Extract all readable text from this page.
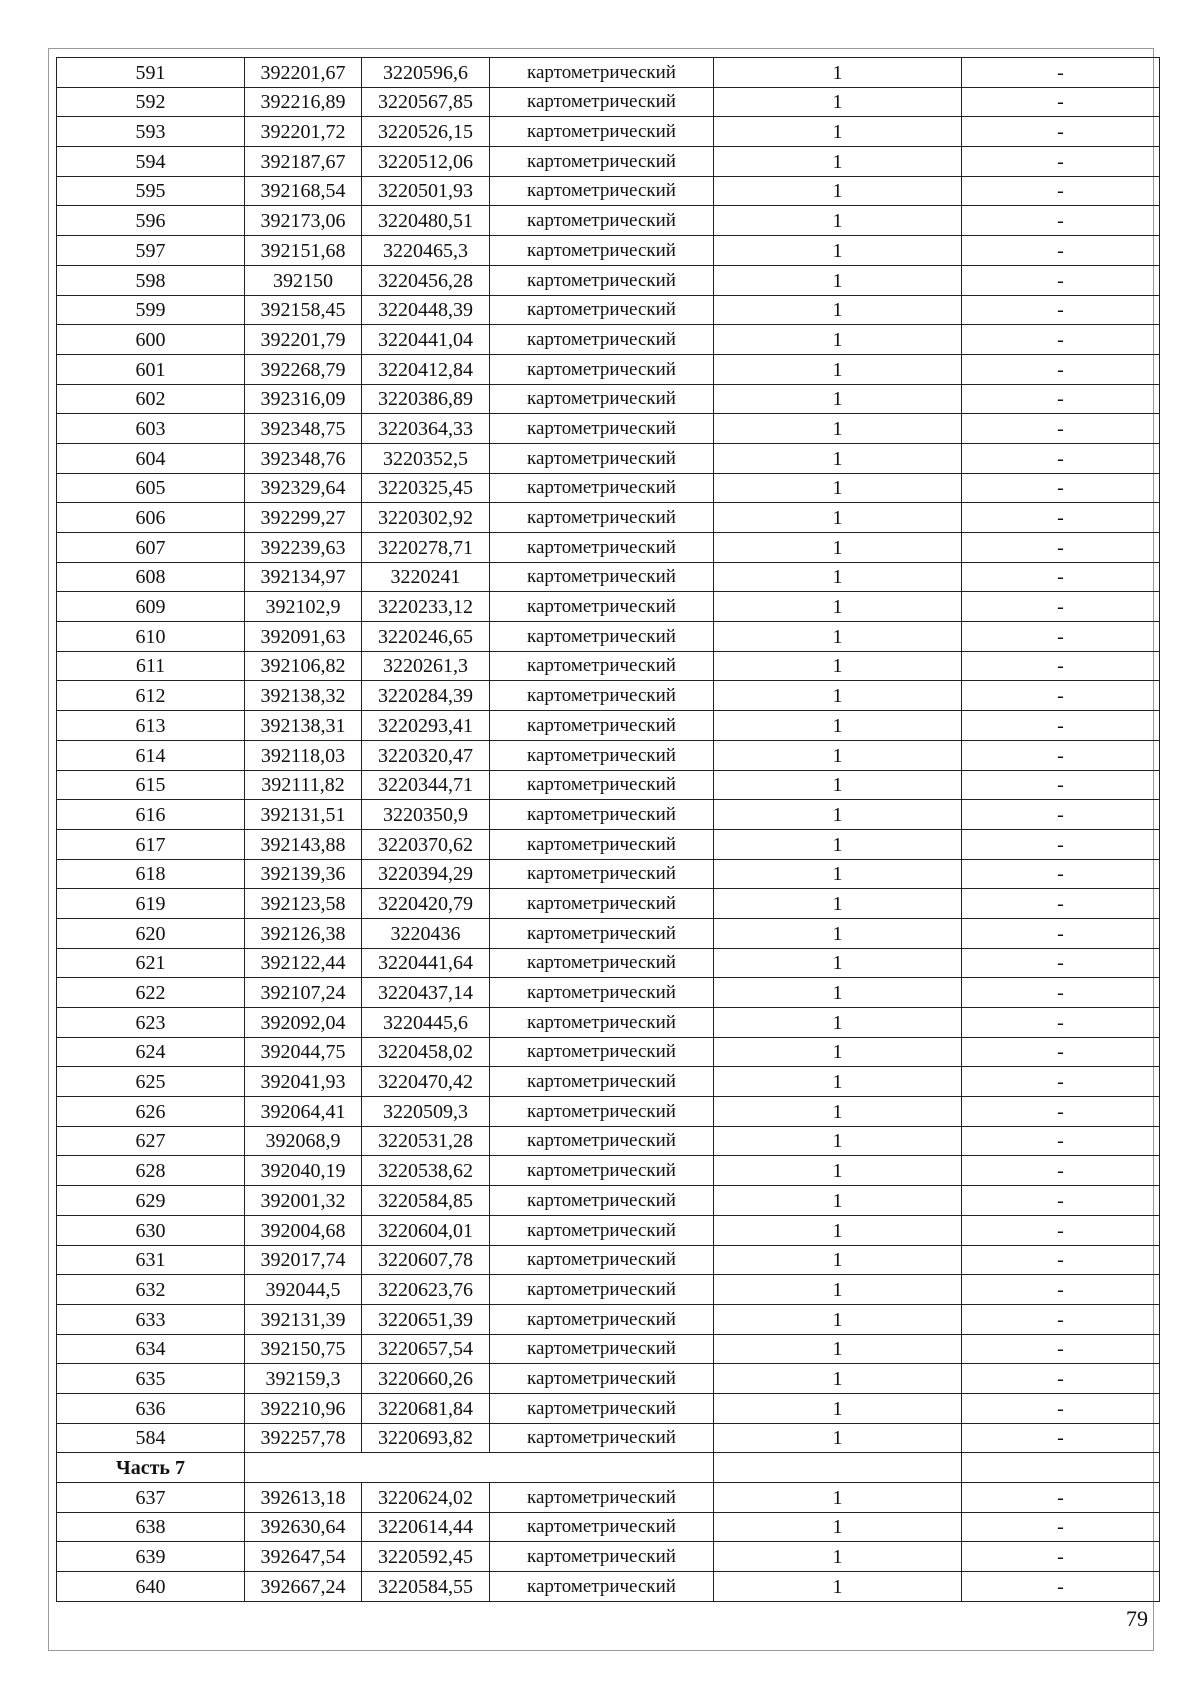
591	392201,67	3220596,6	картометрический	1	-
592	392216,89	3220567,85	картометрический	1	-
593	392201,72	3220526,15	картометрический	1	-
594	392187,67	3220512,06	картометрический	1	-
595	392168,54	3220501,93	картометрический	1	-
596	392173,06	3220480,51	картометрический	1	-
597	392151,68	3220465,3	картометрический	1	-
598	392150	3220456,28	картометрический	1	-
599	392158,45	3220448,39	картометрический	1	-
600	392201,79	3220441,04	картометрический	1	-
601	392268,79	3220412,84	картометрический	1	-
602	392316,09	3220386,89	картометрический	1	-
603	392348,75	3220364,33	картометрический	1	-
604	392348,76	3220352,5	картометрический	1	-
605	392329,64	3220325,45	картометрический	1	-
606	392299,27	3220302,92	картометрический	1	-
607	392239,63	3220278,71	картометрический	1	-
608	392134,97	3220241	картометрический	1	-
609	392102,9	3220233,12	картометрический	1	-
610	392091,63	3220246,65	картометрический	1	-
611	392106,82	3220261,3	картометрический	1	-
612	392138,32	3220284,39	картометрический	1	-
613	392138,31	3220293,41	картометрический	1	-
614	392118,03	3220320,47	картометрический	1	-
615	392111,82	3220344,71	картометрический	1	-
616	392131,51	3220350,9	картометрический	1	-
617	392143,88	3220370,62	картометрический	1	-
618	392139,36	3220394,29	картометрический	1	-
619	392123,58	3220420,79	картометрический	1	-
620	392126,38	3220436	картометрический	1	-
621	392122,44	3220441,64	картометрический	1	-
622	392107,24	3220437,14	картометрический	1	-
623	392092,04	3220445,6	картометрический	1	-
624	392044,75	3220458,02	картометрический	1	-
625	392041,93	3220470,42	картометрический	1	-
626	392064,41	3220509,3	картометрический	1	-
627	392068,9	3220531,28	картометрический	1	-
628	392040,19	3220538,62	картометрический	1	-
629	392001,32	3220584,85	картометрический	1	-
630	392004,68	3220604,01	картометрический	1	-
631	392017,74	3220607,78	картометрический	1	-
632	392044,5	3220623,76	картометрический	1	-
633	392131,39	3220651,39	картометрический	1	-
634	392150,75	3220657,54	картометрический	1	-
635	392159,3	3220660,26	картометрический	1	-
636	392210,96	3220681,84	картометрический	1	-
584	392257,78	3220693,82	картометрический	1	-
Часть 7					
637	392613,18	3220624,02	картометрический	1	-
638	392630,64	3220614,44	картометрический	1	-
639	392647,54	3220592,45	картометрический	1	-
640	392667,24	3220584,55	картометрический	1	-
79
